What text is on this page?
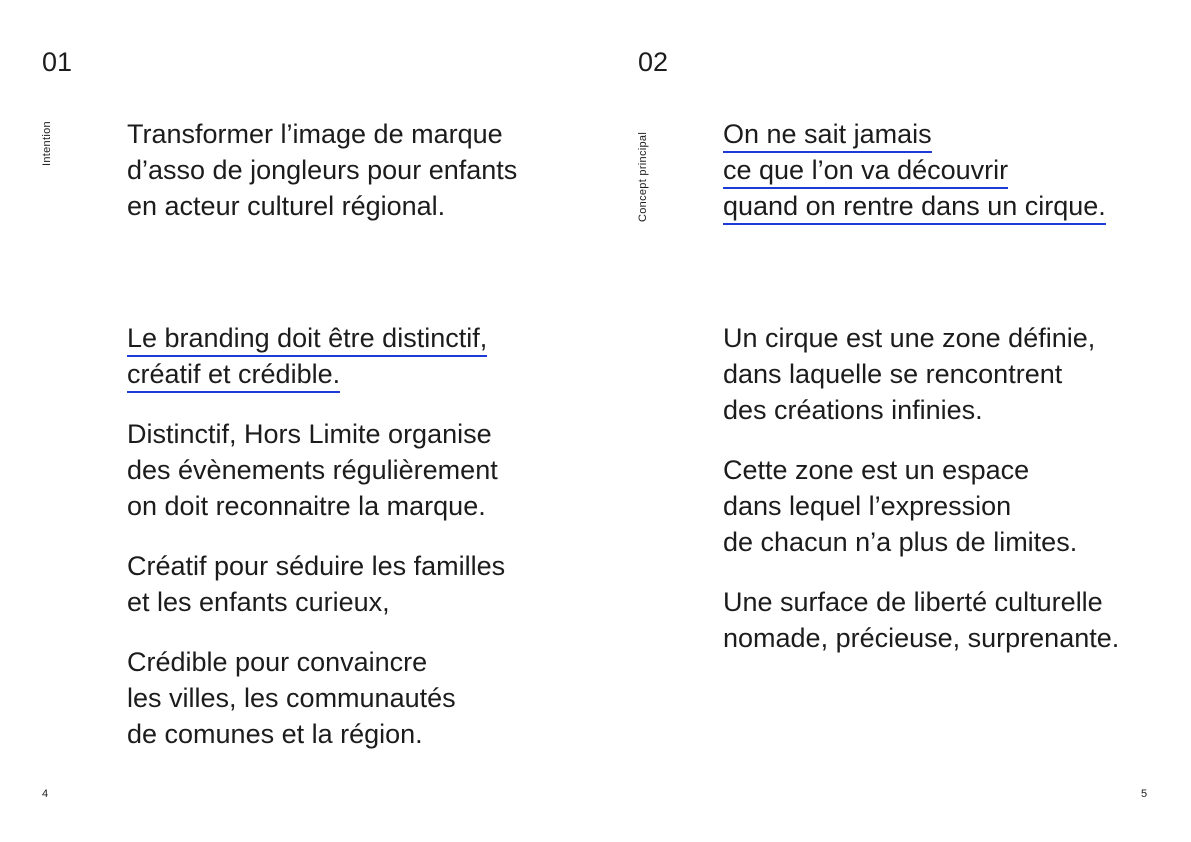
01
Intention	Transformer l’image de marque
d’asso de jongleurs pour enfants
en acteur culturel régional.
Le branding doit être distinctif,
créatif et crédible.
Distinctif, Hors Limite organise
des évènements régulièrement
on doit reconnaitre la marque.
Créatif pour séduire les familles
et les enfants curieux,
Crédible pour convaincre
les villes, les communautés
de comunes et la région.
4
02
Concept principal	On ne sait jamais
ce que l’on va découvrir
quand on rentre dans un cirque.
Un cirque est une zone définie,
dans laquelle se rencontrent
des créations infinies.
Cette zone est un espace
dans lequel l’expression
de chacun n’a plus de limites.
Une surface de liberté culturelle
nomade, précieuse, surprenante.
5
